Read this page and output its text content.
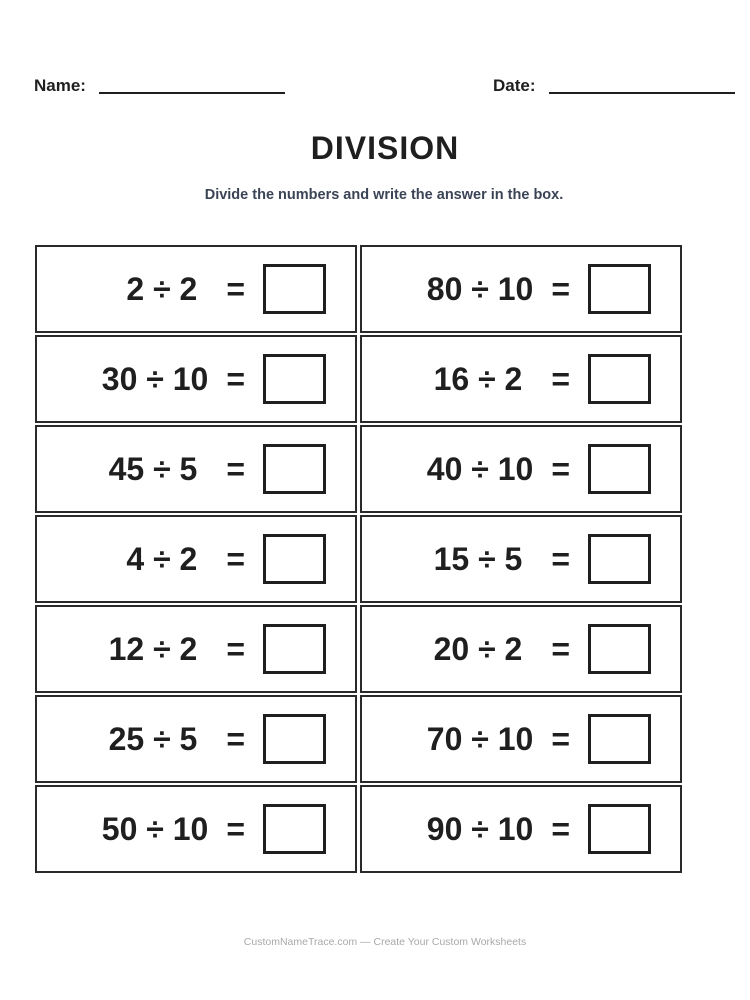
Name:	Date:
DIVISION
Divide the numbers and write the answer in the box.
2 ÷ 2 =	80 ÷ 10 =
30 ÷ 10 =	16 ÷ 2 =
45 ÷ 5 =	40 ÷ 10 =
4 ÷ 2 =	15 ÷ 5 =
12 ÷ 2 =	20 ÷ 2 =
25 ÷ 5 =	70 ÷ 10 =
50 ÷ 10 =	90 ÷ 10 =
CustomNameTrace.com — Create Your Custom Worksheets
